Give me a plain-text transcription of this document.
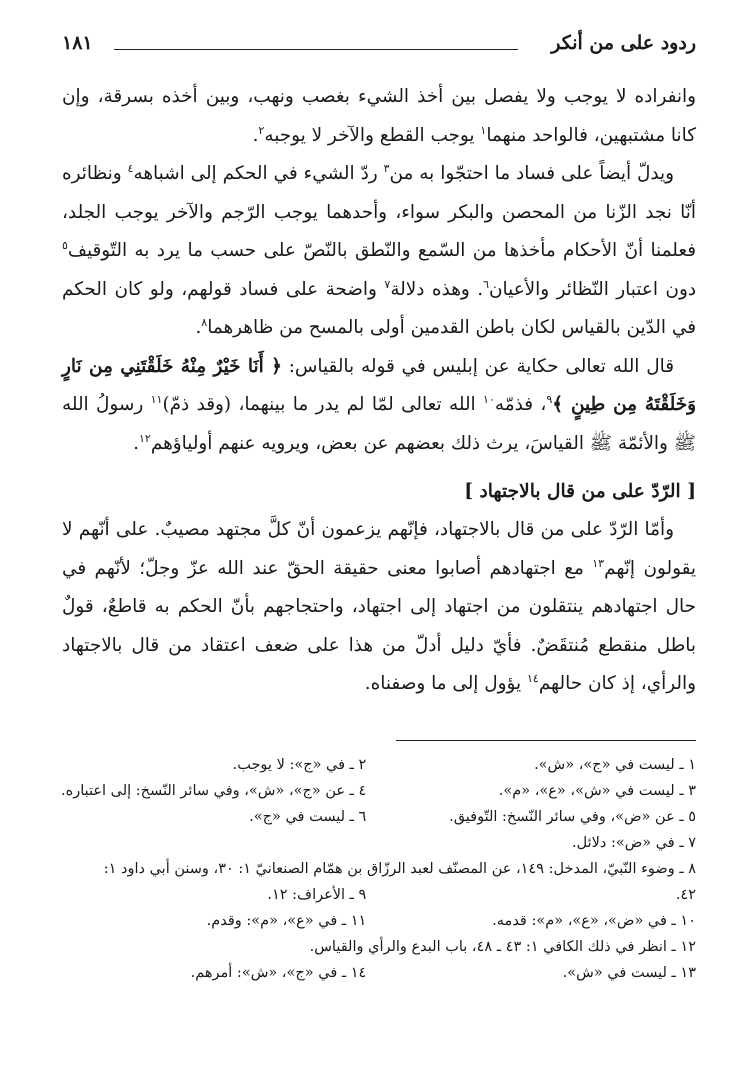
ردود على من أنكر
١٨١

وانفراده لا يوجب ولا يفصل بين أخذ الشيء بغصب ونهب، وبين أخذه بسرقة، وإن كانا مشتبهين، فالواحد منهما$^١$ يوجب القطع والآخر لا يوجبه$^٢$.

ويدلّ أيضاً على فساد ما احتجّوا به من$^٣$ ردّ الشيء في الحكم إلى اشباهه$^٤$ ونظائره أنّا نجد الزّنا من المحصن والبكر سواء، وأحدهما يوجب الرّجم والآخر يوجب الجلد، فعلمنا أنّ الأحكام مأخذها من السّمع والنّطق بالنّصّ على حسب ما يرد به التّوقيف$^٥$ دون اعتبار النّظائر والأعيان$^٦$. وهذه دلالة$^٧$ واضحة على فساد قولهم، ولو كان الحكم في الدّين بالقياس لكان باطن القدمين أولى بالمسح من ظاهرهما$^٨$.

قال الله تعالى حكاية عن إبليس في قوله بالقياس: ﴿ أَنَا خَيْرٌ مِنْهُ خَلَقْتَنِي مِن نَارٍ وَخَلَقْتَهُ مِن طِينٍ ﴾$^٩$، فذمّه$^{١٠}$ الله تعالى لمّا لم يدر ما بينهما، (وقد ذمّ)$^{١١}$ رسولُ الله ﷺ والأئمّة ﷺ القياسَ، يرث ذلك بعضهم عن بعض، ويرويه عنهم أولياؤهم$^{١٢}$.

[ الرّدّ على من قال بالاجتهاد ]

وأمّا الرّدّ على من قال بالاجتهاد، فإنّهم يزعمون أنّ كلَّ مجتهد مصيبٌ. على أنّهم لا يقولون إنّهم$^{١٣}$ مع اجتهادهم أصابوا معنى حقيقة الحقّ عند الله عزّ وجلّ؛ لأنّهم في حال اجتهادهم ينتقلون من اجتهاد إلى اجتهاد، واحتجاجهم بأنّ الحكم به قاطعٌ، قولٌ باطل منقطع مُنتقَضٌ. فأيّ دليل أدلّ من هذا على ضعف اعتقاد من قال بالاجتهاد والرأي، إذ كان حالهم$^{١٤}$ يؤول إلى ما وصفناه.

١ ـ ليست في «ج»، «ش».
٢ ـ في «ج»: لا يوجب.
٣ ـ ليست في «ش»، «ع»، «م».
٤ ـ عن «ج»، «ش»، وفي سائر النّسخ: إلى اعتباره.
٥ ـ عن «ض»، وفي سائر النّسخ: التّوفيق.
٦ ـ ليست في «ج».
٧ ـ في «ض»: دلائل.
٨ ـ وضوء النّبيّ، المدخل: ١٤٩، عن المصنّف لعبد الرزّاق بن همّام الصنعانيّ ١: ٣٠، وسنن أبي داود ١:
٤٢.
٩ ـ الأعراف: ١٢.
١٠ ـ في «ض»، «ع»، «م»: قدمه.
١١ ـ في «ع»، «م»: وقدم.
١٢ ـ انظر في ذلك الكافي ١: ٤٣ ـ ٤٨، باب البدع والرأي والقياس.
١٣ ـ ليست في «ش».
١٤ ـ في «ج»، «ش»: أمرهم.
